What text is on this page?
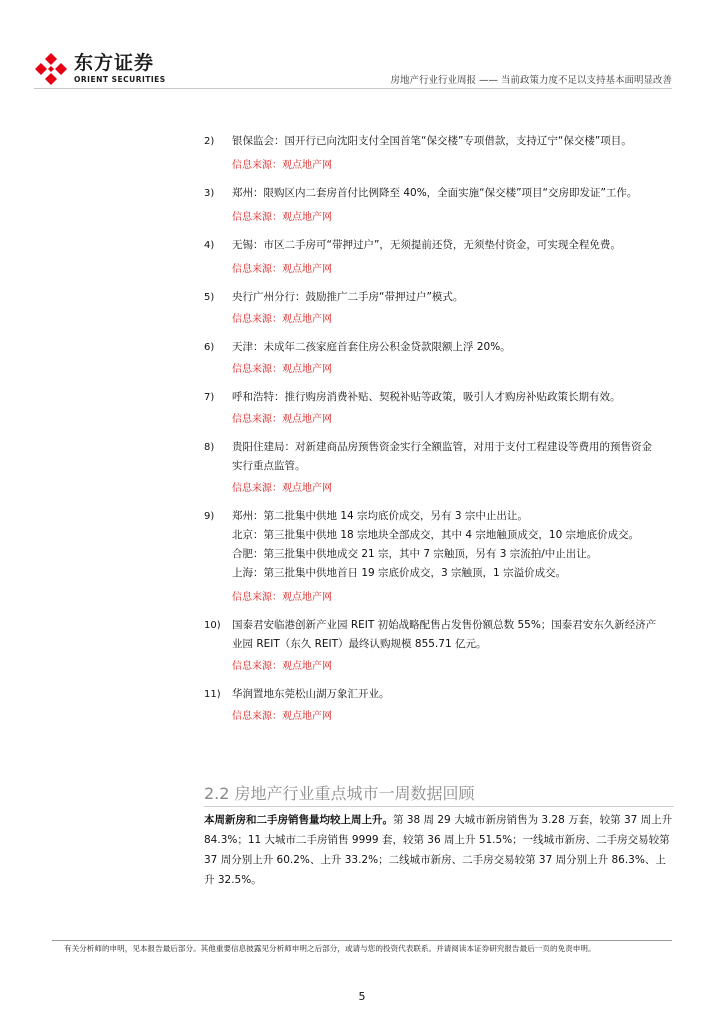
东方证券
ORIENT SECURITIES	房地产行业行业周报 —— 当前政策力度不足以支持基本面明显改善
2)	银保监会：国开行已向沈阳支付全国首笔“保交楼”专项借款，支持辽宁“保交楼”项目。
信息来源：观点地产网
3)	郑州：限购区内二套房首付比例降至 40%，全面实施“保交楼”项目“交房即发证”工作。
信息来源：观点地产网
4)	无锡：市区二手房可“带押过户”，无须提前还贷，无须垫付资金，可实现全程免费。
信息来源：观点地产网
5)	央行广州分行：鼓励推广二手房“带押过户”模式。
信息来源：观点地产网
6)	天津：未成年二孩家庭首套住房公积金贷款限额上浮 20%。
信息来源：观点地产网
7)	呼和浩特：推行购房消费补贴、契税补贴等政策，吸引人才购房补贴政策长期有效。
信息来源：观点地产网
8)	贵阳住建局：对新建商品房预售资金实行全额监管，对用于支付工程建设等费用的预售资金
实行重点监管。
信息来源：观点地产网
9)	郑州：第二批集中供地 14 宗均底价成交，另有 3 宗中止出让。
北京：第三批集中供地 18 宗地块全部成交，其中 4 宗地触顶成交，10 宗地底价成交。
合肥：第三批集中供地成交 21 宗，其中 7 宗触顶，另有 3 宗流拍/中止出让。
上海：第三批集中供地首日 19 宗底价成交，3 宗触顶，1 宗溢价成交。
信息来源：观点地产网
10)	国泰君安临港创新产业园 REIT 初始战略配售占发售份额总数 55%；国泰君安东久新经济产
业园 REIT（东久 REIT）最终认购规模 855.71 亿元。
信息来源：观点地产网
11)	华润置地东莞松山湖万象汇开业。
信息来源：观点地产网
2.2 房地产行业重点城市一周数据回顾
本周新房和二手房销售量均较上周上升。第 38 周 29 大城市新房销售为 3.28 万套，较第 37 周上升 84.3%；11 大城市二手房销售 9999 套，较第 36 周上升 51.5%；一线城市新房、二手房交易较第 37 周分别上升 60.2%、上升 33.2%；二线城市新房、二手房交易较第 37 周分别上升 86.3%、上升 32.5%。
有关分析师的申明，见本报告最后部分。其他重要信息披露见分析师申明之后部分，或请与您的投资代表联系。并请阅读本证券研究报告最后一页的免责申明。
5
